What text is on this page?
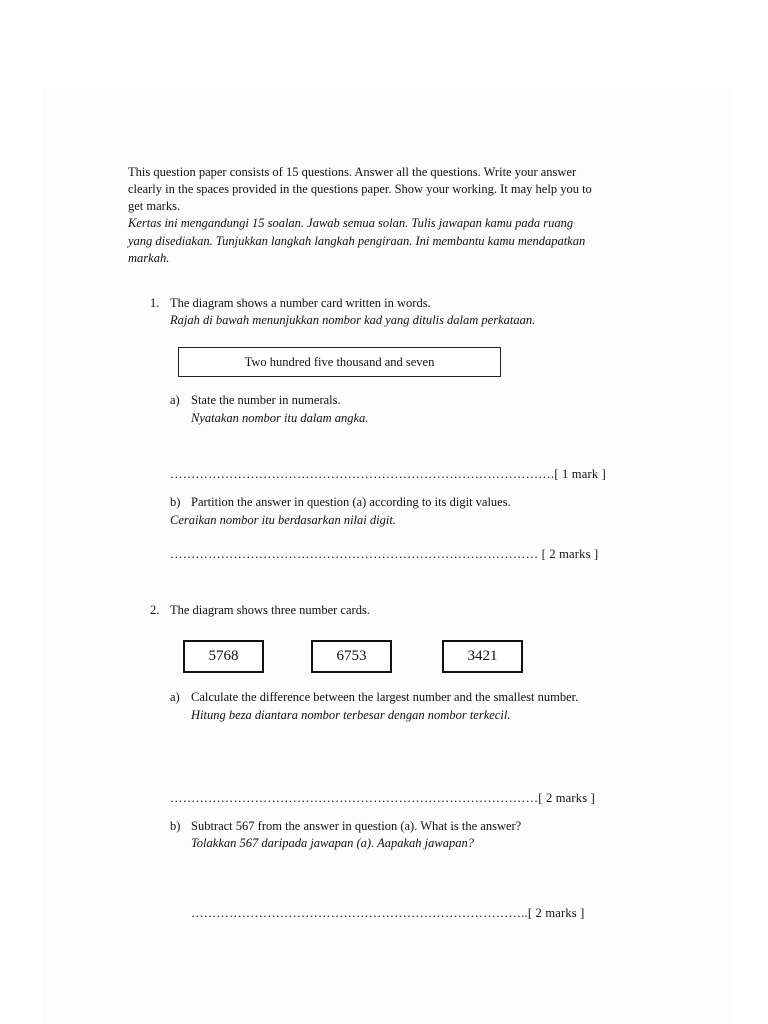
This question paper consists of 15 questions. Answer all the questions. Write your answer
clearly in the spaces provided in the questions paper. Show your working. It may help you to
get marks.
Kertas ini mengandungi 15 soalan. Jawab semua solan. Tulis jawapan kamu pada ruang
yang disediakan. Tunjukkan langkah langkah pengiraan. Ini membantu kamu mendapatkan
markah.
1. The diagram shows a number card written in words.
Rajah di bawah menunjukkan nombor kad yang ditulis dalam perkataan.
Two hundred five thousand and seven
a) State the number in numerals.
Nyatakan nombor itu dalam angka.
……………………………………………………………………………….[ 1 mark ]
b) Partition the answer in question (a) according to its digit values.
Ceraikan nombor itu berdasarkan nilai digit.
…………………………………………………………………………… [ 2 marks ]
2. The diagram shows three number cards.
5768	6753	3421
a) Calculate the difference between the largest number and the smallest number.
Hitung beza diantara nombor terbesar dengan nombor terkecil.
……………………………………………………………………………[ 2 marks ]
b) Subtract 567 from the answer in question (a). What is the answer?
Tolakkan 567 daripada jawapan (a). Aapakah jawapan?
……………………………………………………………………..[ 2 marks ]
